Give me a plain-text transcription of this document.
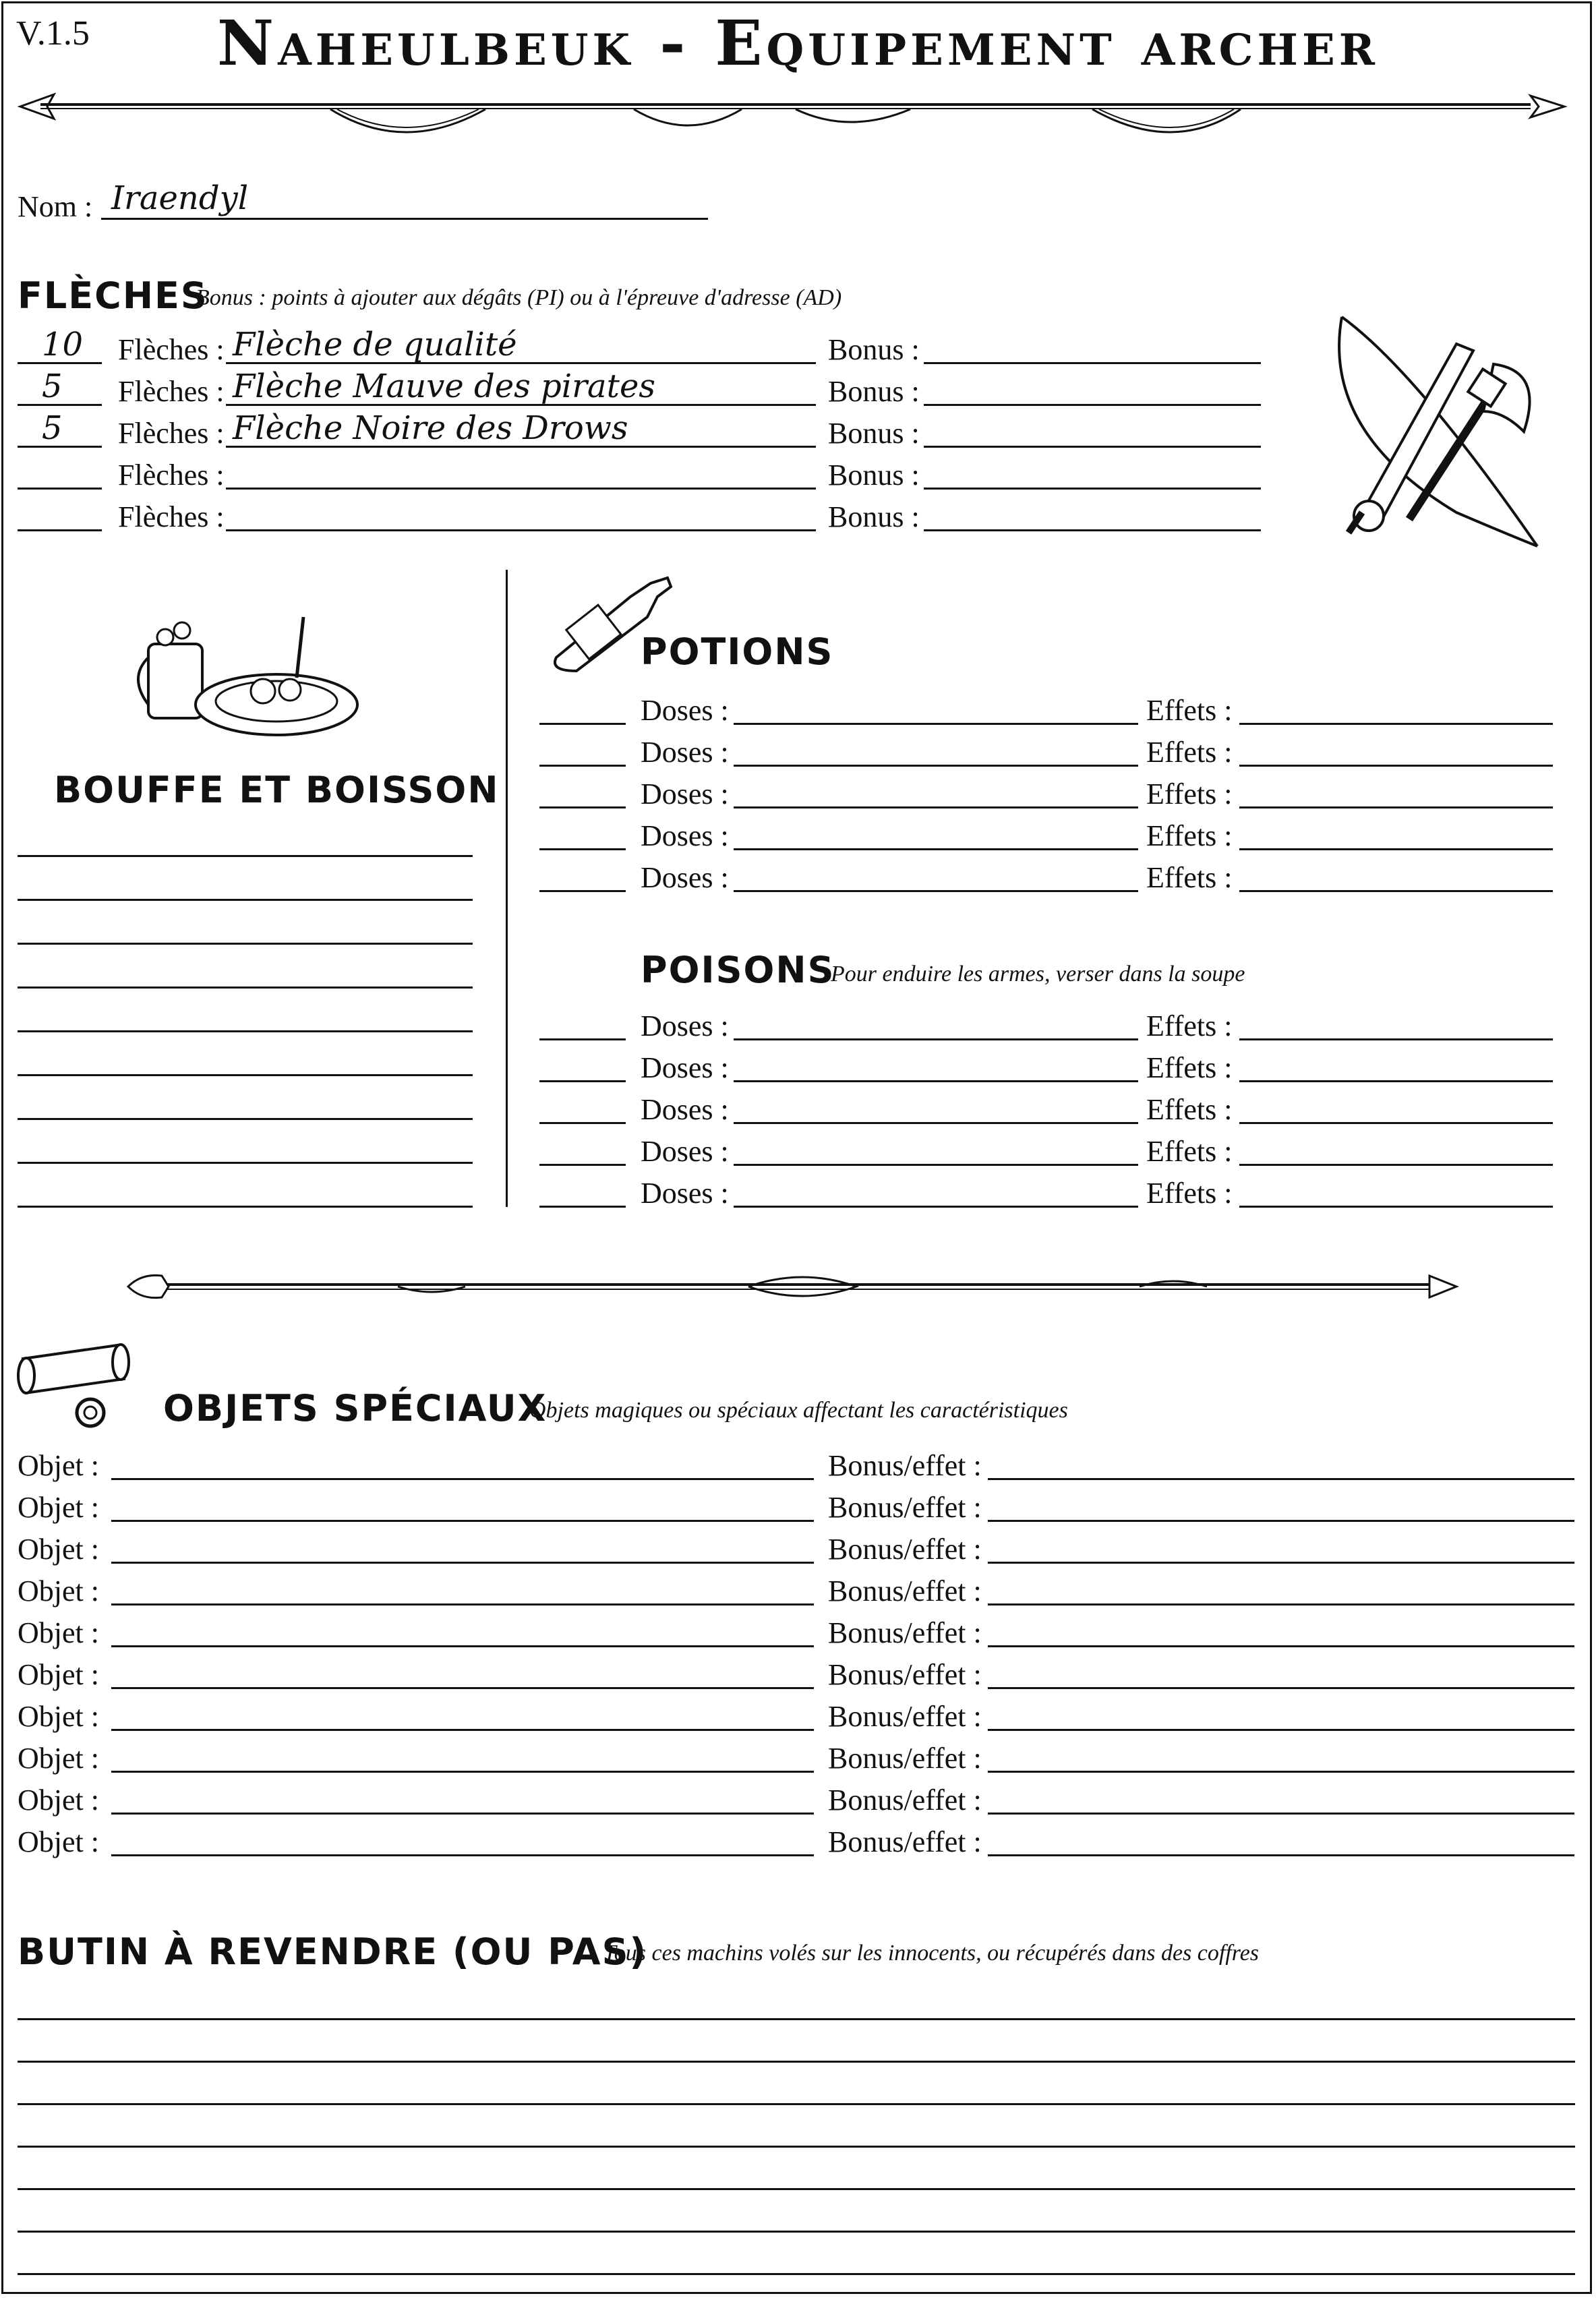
V.1.5	Naheulbeuk - Equipement archer
Nom : Iraendyl
FLÈCHES
Bonus : points à ajouter aux dégâts (PI) ou à l'épreuve d'adresse (AD)
10 Flèches : Flèche de qualité	Bonus :
5 Flèches : Flèche Mauve des pirates	Bonus :
5 Flèches : Flèche Noire des Drows	Bonus :
Flèches :	Bonus :
Flèches :	Bonus :
BOUFFE ET BOISSON
POTIONS
Doses :	Effets :
Doses :	Effets :
Doses :	Effets :
Doses :	Effets :
Doses :	Effets :
POISONS
Pour enduire les armes, verser dans la soupe
Doses :	Effets :
Doses :	Effets :
Doses :	Effets :
Doses :	Effets :
Doses :	Effets :
OBJETS SPÉCIAUX
Objets magiques ou spéciaux affectant les caractéristiques
Objet :	Bonus/effet :
Objet :	Bonus/effet :
Objet :	Bonus/effet :
Objet :	Bonus/effet :
Objet :	Bonus/effet :
Objet :	Bonus/effet :
Objet :	Bonus/effet :
Objet :	Bonus/effet :
Objet :	Bonus/effet :
Objet :	Bonus/effet :
BUTIN À REVENDRE (OU PAS)
Tous ces machins volés sur les innocents, ou récupérés dans des coffres
